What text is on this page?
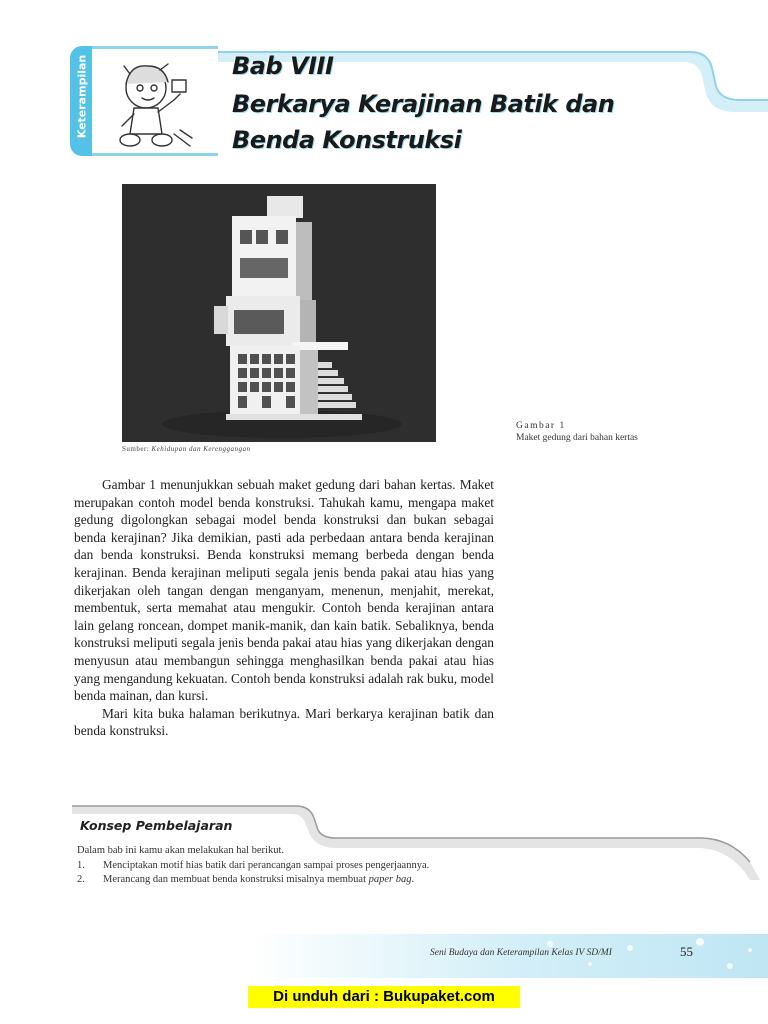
Keterampilan	Bab VIII
Berkarya Kerajinan Batik dan
Benda Konstruksi
Sumber: Kehidupan dan Kerenggangan
Gambar 1
Maket gedung dari bahan kertas

Gambar 1 menunjukkan sebuah maket gedung dari bahan kertas. Maket merupakan contoh model benda konstruksi. Tahukah kamu, mengapa maket gedung digolongkan sebagai model benda konstruksi dan bukan sebagai benda kerajinan? Jika demikian, pasti ada perbedaan antara benda kerajinan dan benda konstruksi. Benda konstruksi memang berbeda dengan benda kerajinan. Benda kerajinan meliputi segala jenis benda pakai atau hias yang dikerjakan oleh tangan dengan menganyam, menenun, menjahit, merekat, membentuk, serta memahat atau mengukir. Contoh benda kerajinan antara lain gelang roncean, dompet manik-manik, dan kain batik. Sebaliknya, benda konstruksi meliputi segala jenis benda pakai atau hias yang dikerjakan dengan menyusun atau membangun sehingga menghasilkan benda pakai atau hias yang mengandung kekuatan. Contoh benda konstruksi adalah rak buku, model benda mainan, dan kursi.

Mari kita buka halaman berikutnya. Mari berkarya kerajinan batik dan benda konstruksi.

Konsep Pembelajaran
Dalam bab ini kamu akan melakukan hal berikut.
1.	Menciptakan motif hias batik dari perancangan sampai proses pengerjaannya.
2.	Merancang dan membuat benda konstruksi misalnya membuat paper bag.
Seni Budaya dan Keterampilan Kelas IV SD/MI	55
Di unduh dari : Bukupaket.com
